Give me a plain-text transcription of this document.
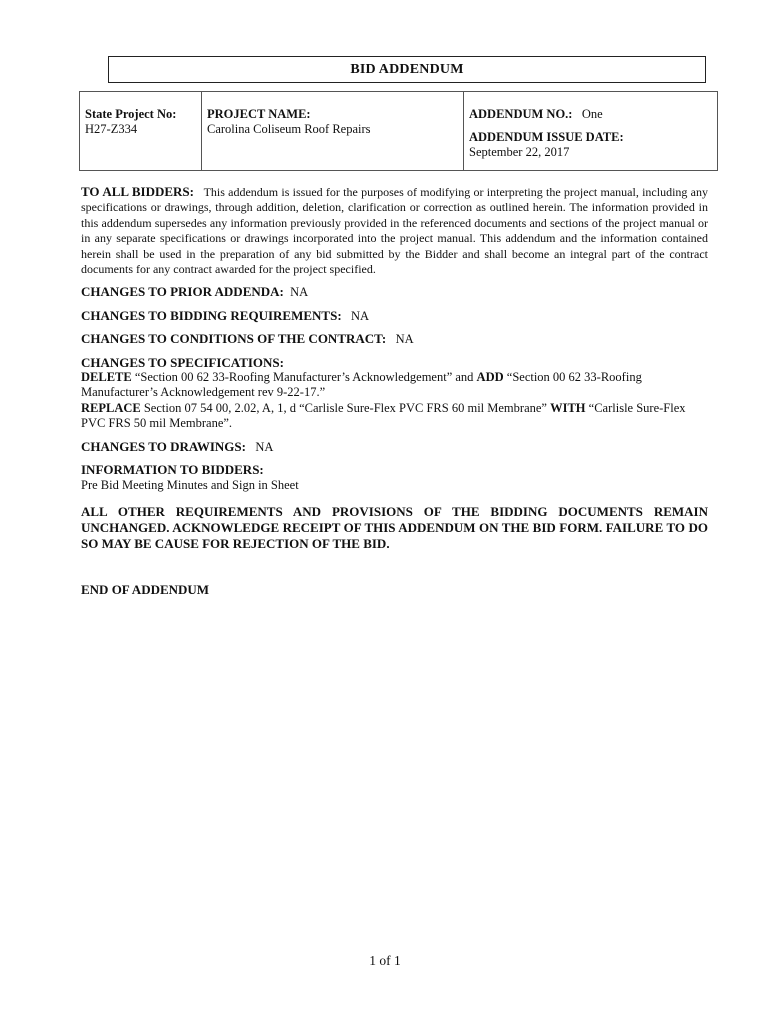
BID ADDENDUM
State Project No:
H27-Z334
PROJECT NAME:
Carolina Coliseum Roof Repairs
ADDENDUM NO.: One
ADDENDUM ISSUE DATE:
September 22, 2017

TO ALL BIDDERS: This addendum is issued for the purposes of modifying or interpreting the project manual, including any specifications or drawings, through addition, deletion, clarification or correction as outlined herein. The information provided in this addendum supersedes any information previously provided in the referenced documents and sections of the project manual or in any separate specifications or drawings incorporated into the project manual. This addendum and the information contained herein shall be used in the preparation of any bid submitted by the Bidder and shall become an integral part of the contract documents for any contract awarded for the project specified.

CHANGES TO PRIOR ADDENDA: NA
CHANGES TO BIDDING REQUIREMENTS: NA
CHANGES TO CONDITIONS OF THE CONTRACT: NA
CHANGES TO SPECIFICATIONS:
DELETE “Section 00 62 33-Roofing Manufacturer’s Acknowledgement” and ADD “Section 00 62 33-Roofing Manufacturer’s Acknowledgement rev 9-22-17.”
REPLACE Section 07 54 00, 2.02, A, 1, d “Carlisle Sure-Flex PVC FRS 60 mil Membrane” WITH “Carlisle Sure-Flex PVC FRS 50 mil Membrane”.
CHANGES TO DRAWINGS: NA
INFORMATION TO BIDDERS:
Pre Bid Meeting Minutes and Sign in Sheet
ALL OTHER REQUIREMENTS AND PROVISIONS OF THE BIDDING DOCUMENTS REMAIN UNCHANGED. ACKNOWLEDGE RECEIPT OF THIS ADDENDUM ON THE BID FORM. FAILURE TO DO SO MAY BE CAUSE FOR REJECTION OF THE BID.
END OF ADDENDUM
1 of 1
